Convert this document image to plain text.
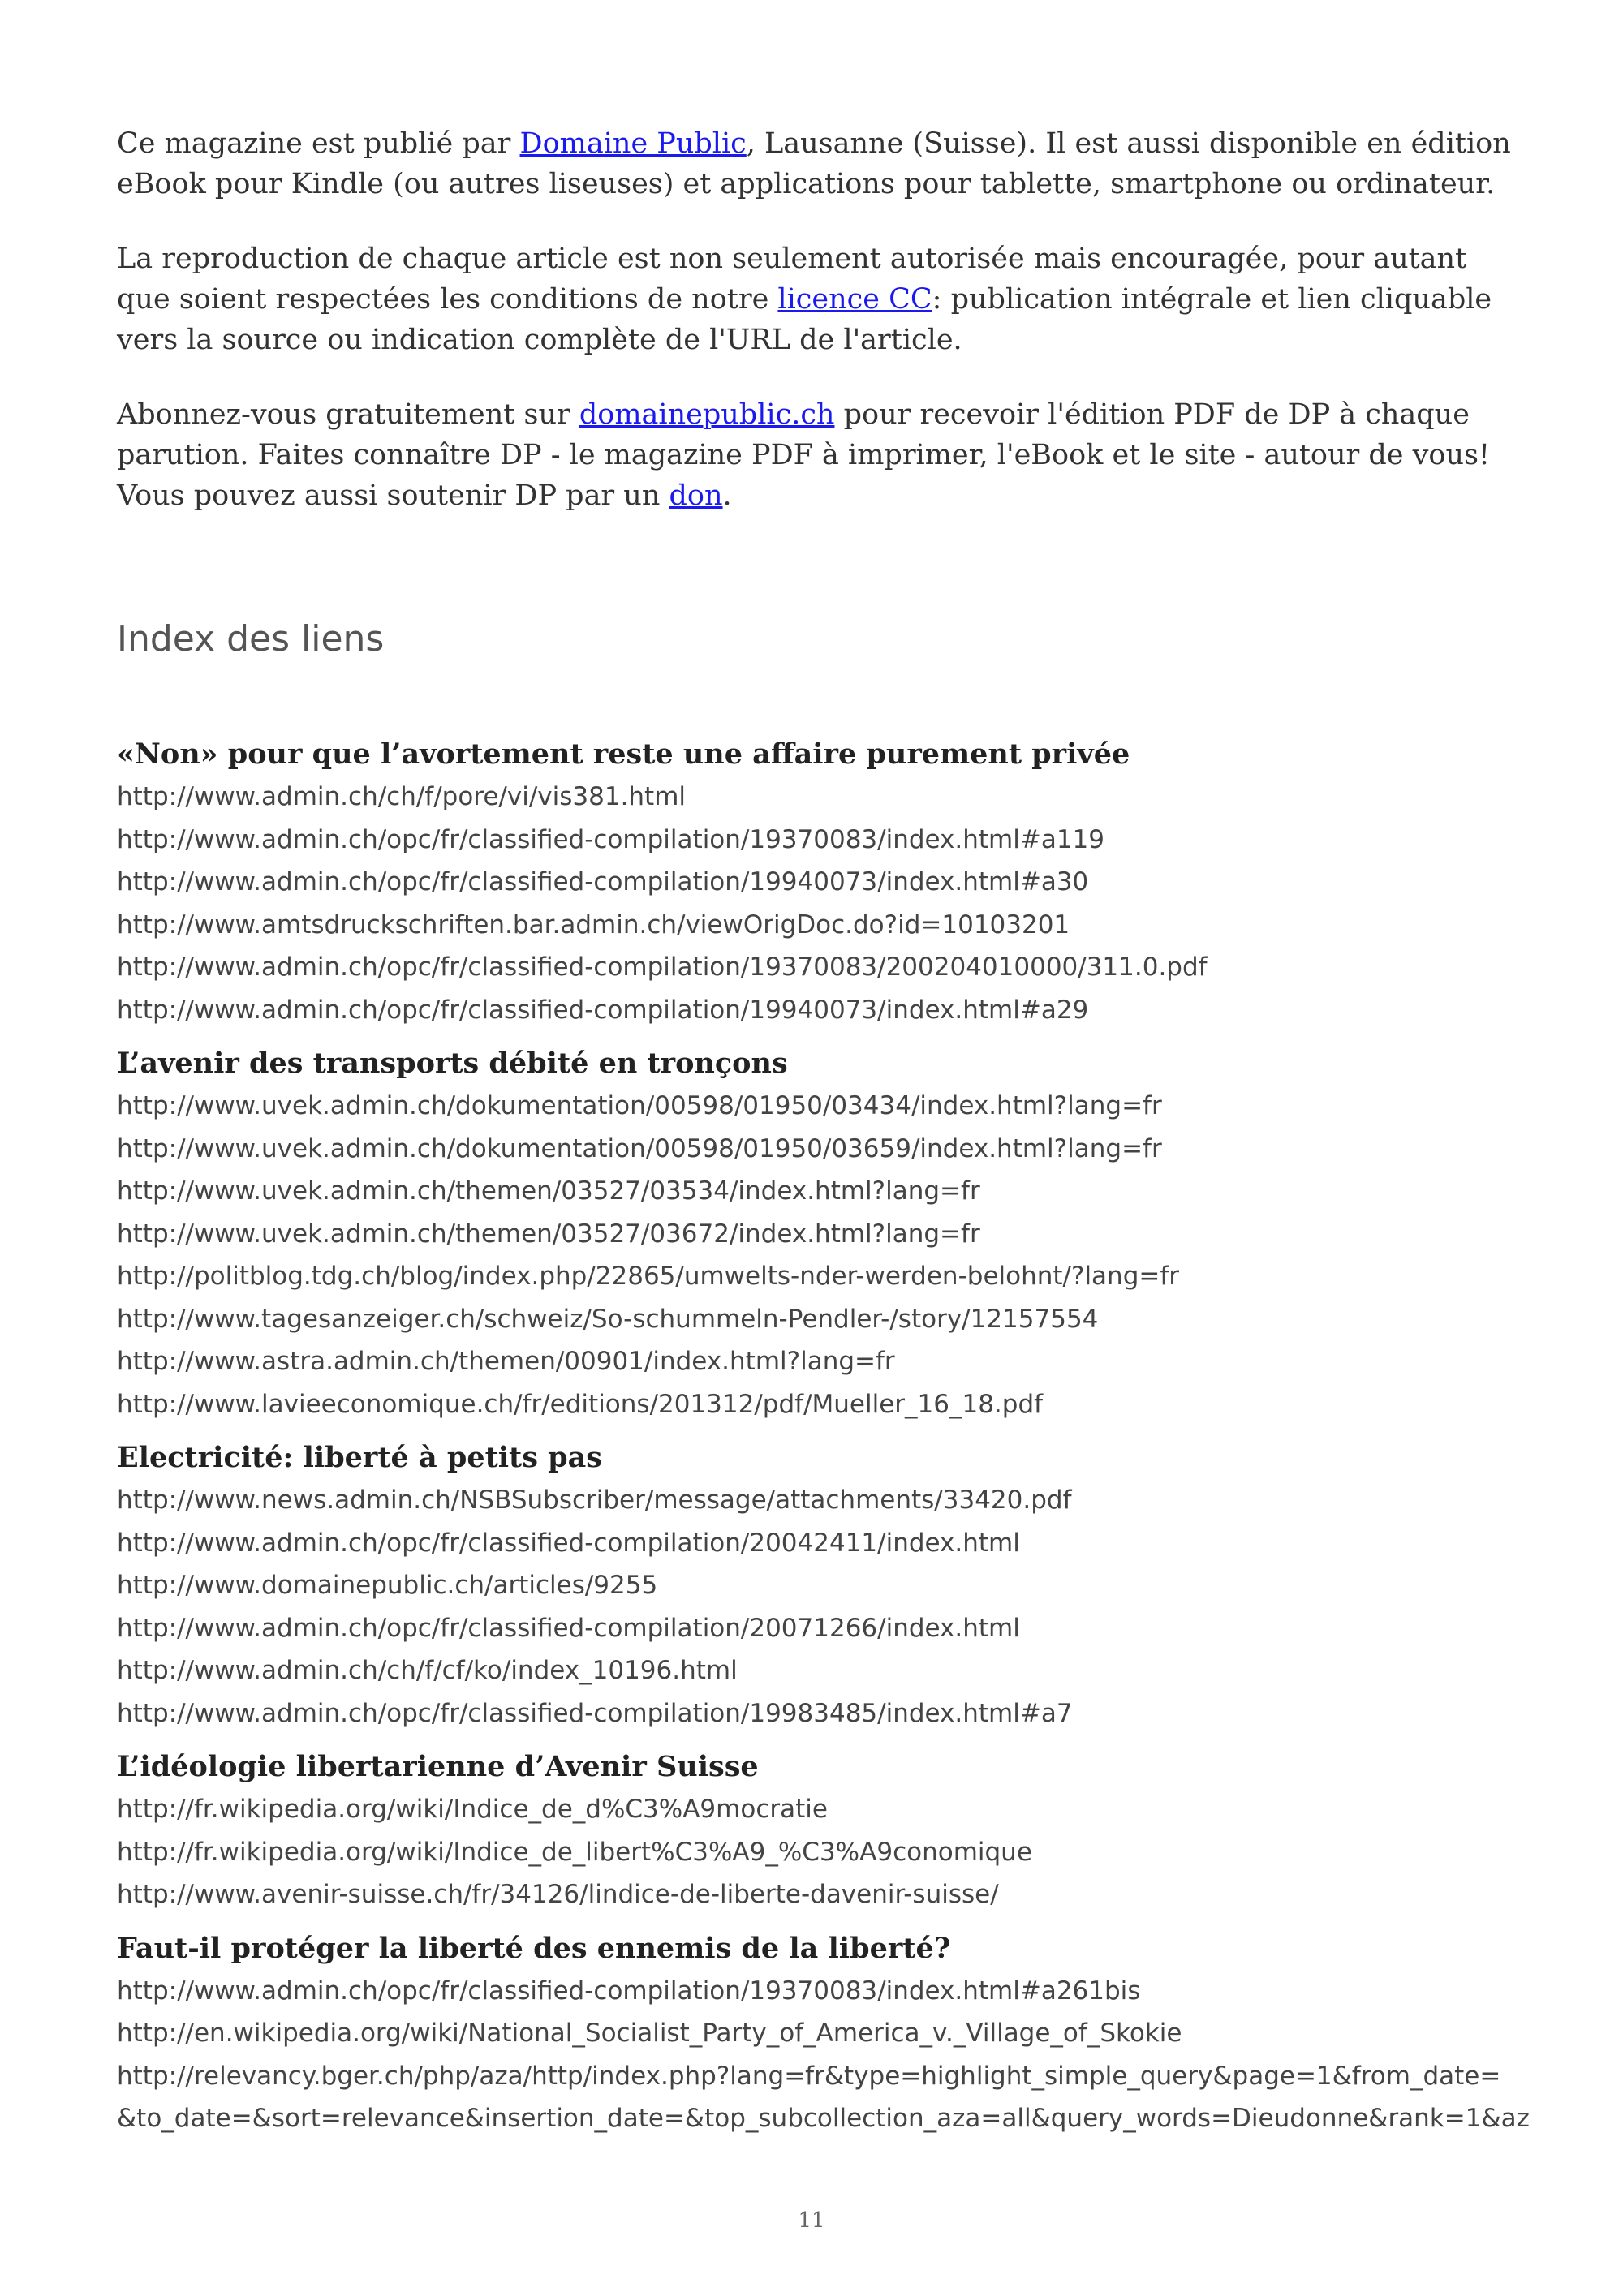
Ce magazine est publié par Domaine Public, Lausanne (Suisse). Il est aussi disponible en édition eBook pour Kindle (ou autres liseuses) et applications pour tablette, smartphone ou ordinateur.

La reproduction de chaque article est non seulement autorisée mais encouragée, pour autant que soient respectées les conditions de notre licence CC: publication intégrale et lien cliquable vers la source ou indication complète de l'URL de l'article.

Abonnez-vous gratuitement sur domainepublic.ch pour recevoir l'édition PDF de DP à chaque parution. Faites connaître DP - le magazine PDF à imprimer, l'eBook et le site - autour de vous! Vous pouvez aussi soutenir DP par un don.

Index des liens
«Non» pour que l’avortement reste une affaire purement privée
http://www.admin.ch/ch/f/pore/vi/vis381.html
http://www.admin.ch/opc/fr/classified-compilation/19370083/index.html#a119
http://www.admin.ch/opc/fr/classified-compilation/19940073/index.html#a30
http://www.amtsdruckschriften.bar.admin.ch/viewOrigDoc.do?id=10103201
http://www.admin.ch/opc/fr/classified-compilation/19370083/200204010000/311.0.pdf
http://www.admin.ch/opc/fr/classified-compilation/19940073/index.html#a29
L’avenir des transports débité en tronçons
http://www.uvek.admin.ch/dokumentation/00598/01950/03434/index.html?lang=fr
http://www.uvek.admin.ch/dokumentation/00598/01950/03659/index.html?lang=fr
http://www.uvek.admin.ch/themen/03527/03534/index.html?lang=fr
http://www.uvek.admin.ch/themen/03527/03672/index.html?lang=fr
http://politblog.tdg.ch/blog/index.php/22865/umwelts-nder-werden-belohnt/?lang=fr
http://www.tagesanzeiger.ch/schweiz/So-schummeln-Pendler-/story/12157554
http://www.astra.admin.ch/themen/00901/index.html?lang=fr
http://www.lavieeconomique.ch/fr/editions/201312/pdf/Mueller_16_18.pdf
Electricité: liberté à petits pas
http://www.news.admin.ch/NSBSubscriber/message/attachments/33420.pdf
http://www.admin.ch/opc/fr/classified-compilation/20042411/index.html
http://www.domainepublic.ch/articles/9255
http://www.admin.ch/opc/fr/classified-compilation/20071266/index.html
http://www.admin.ch/ch/f/cf/ko/index_10196.html
http://www.admin.ch/opc/fr/classified-compilation/19983485/index.html#a7
L’idéologie libertarienne d’Avenir Suisse
http://fr.wikipedia.org/wiki/Indice_de_d%C3%A9mocratie
http://fr.wikipedia.org/wiki/Indice_de_libert%C3%A9_%C3%A9conomique
http://www.avenir-suisse.ch/fr/34126/lindice-de-liberte-davenir-suisse/
Faut-il protéger la liberté des ennemis de la liberté?
http://www.admin.ch/opc/fr/classified-compilation/19370083/index.html#a261bis
http://en.wikipedia.org/wiki/National_Socialist_Party_of_America_v._Village_of_Skokie
http://relevancy.bger.ch/php/aza/http/index.php?lang=fr&type=highlight_simple_query&page=1&from_date=
&to_date=&sort=relevance&insertion_date=&top_subcollection_aza=all&query_words=Dieudonne&rank=1&az
11
